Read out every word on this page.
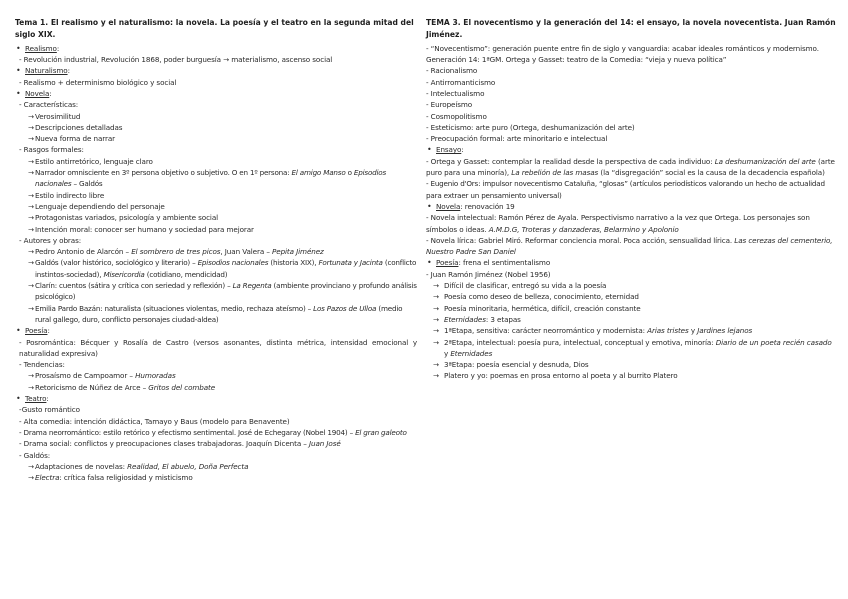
Tema 1. El realismo y el naturalismo: la novela. La poesía y el teatro en la segunda mitad del siglo XIX.
• Realismo:
- Revolución industrial, Revolución 1868, poder burguesía → materialismo, ascenso social
• Naturalismo:
- Realismo + determinismo biológico y social
• Novela:
- Características:
→ Verosimilitud
→ Descripciones detalladas
→ Nueva forma de narrar
- Rasgos formales:
→ Estilo antirretórico, lenguaje claro
→ Narrador omnisciente en 3º persona objetivo o subjetivo. O en 1º persona: El amigo Manso o Episodios nacionales – Galdós
→ Estilo indirecto libre
→ Lenguaje dependiendo del personaje
→ Protagonistas variados, psicología y ambiente social
→ Intención moral: conocer ser humano y sociedad para mejorar
- Autores y obras:
→ Pedro Antonio de Alarcón – El sombrero de tres picos, Juan Valera – Pepita Jiménez
→ Galdós (valor histórico, sociológico y literario) – Episodios nacionales (historia XIX), Fortunata y Jacinta (conflicto instintos-sociedad), Misericordia (cotidiano, mendicidad)
→ Clarín: cuentos (sátira y crítica con seriedad y reflexión) – La Regenta (ambiente provinciano y profundo análisis psicológico)
→ Emilia Pardo Bazán: naturalista (situaciones violentas, medio, rechaza ateísmo) – Los Pazos de Ulloa (medio rural gallego, duro, conflicto personajes ciudad-aldea)
• Poesía:
- Posromántica: Bécquer y Rosalía de Castro (versos asonantes, distinta métrica, intensidad emocional y naturalidad expresiva)
- Tendencias:
→ Prosaísmo de Campoamor – Humoradas
→ Retoricismo de Núñez de Arce – Gritos del combate
• Teatro:
-Gusto romántico
- Alta comedia: intención didáctica, Tamayo y Baus (modelo para Benavente)
- Drama neorromántico: estilo retórico y efectismo sentimental. José de Echegaray (Nobel 1904) – El gran galeoto
- Drama social: conflictos y preocupaciones clases trabajadoras. Joaquín Dicenta – Juan José
- Galdós:
→ Adaptaciones de novelas: Realidad, El abuelo, Doña Perfecta
→ Electra: crítica falsa religiosidad y misticismo
TEMA 3. El novecentismo y la generación del 14: el ensayo, la novela novecentista. Juan Ramón Jiménez.
- “Novecentismo”: generación puente entre fin de siglo y vanguardia: acabar ideales románticos y modernismo. Generación 14: 1ªGM. Ortega y Gasset: teatro de la Comedia: “vieja y nueva política”
- Racionalismo
- Antirromanticismo
- Intelectualismo
- Europeísmo
- Cosmopolitismo
- Esteticismo: arte puro (Ortega, deshumanización del arte)
- Preocupación formal: arte minoritario e intelectual
• Ensayo:
- Ortega y Gasset: contemplar la realidad desde la perspectiva de cada individuo: La deshumanización del arte (arte puro para una minoría), La rebelión de las masas (la “disgregación” social es la causa de la decadencia española)
- Eugenio d'Ors: impulsor novecentismo Cataluña, “glosas” (artículos periodísticos valorando un hecho de actualidad para extraer un pensamiento universal)
• Novela: renovación 19
- Novela intelectual: Ramón Pérez de Ayala. Perspectivismo narrativo a la vez que Ortega. Los personajes son símbolos o ideas. A.M.D.G, Troteras y danzaderas, Belarmino y Apolonio
- Novela lírica: Gabriel Miró. Reformar conciencia moral. Poca acción, sensualidad lírica. Las cerezas del cementerio, Nuestro Padre San Daniel
• Poesía: frena el sentimentalismo
- Juan Ramón Jiménez (Nobel 1956)
→ Difícil de clasificar, entregó su vida a la poesía
→ Poesía como deseo de belleza, conocimiento, eternidad
→ Poesía minoritaria, hermética, difícil, creación constante
→ Eternidades: 3 etapas
→ 1ªEtapa, sensitiva: carácter neorromántico y modernista: Arias tristes y Jardines lejanos
→ 2ªEtapa, intelectual: poesía pura, intelectual, conceptual y emotiva, minoría: Diario de un poeta recién casado y Eternidades
→ 3ªEtapa: poesía esencial y desnuda, Dios
→ Platero y yo: poemas en prosa entorno al poeta y al burrito Platero
